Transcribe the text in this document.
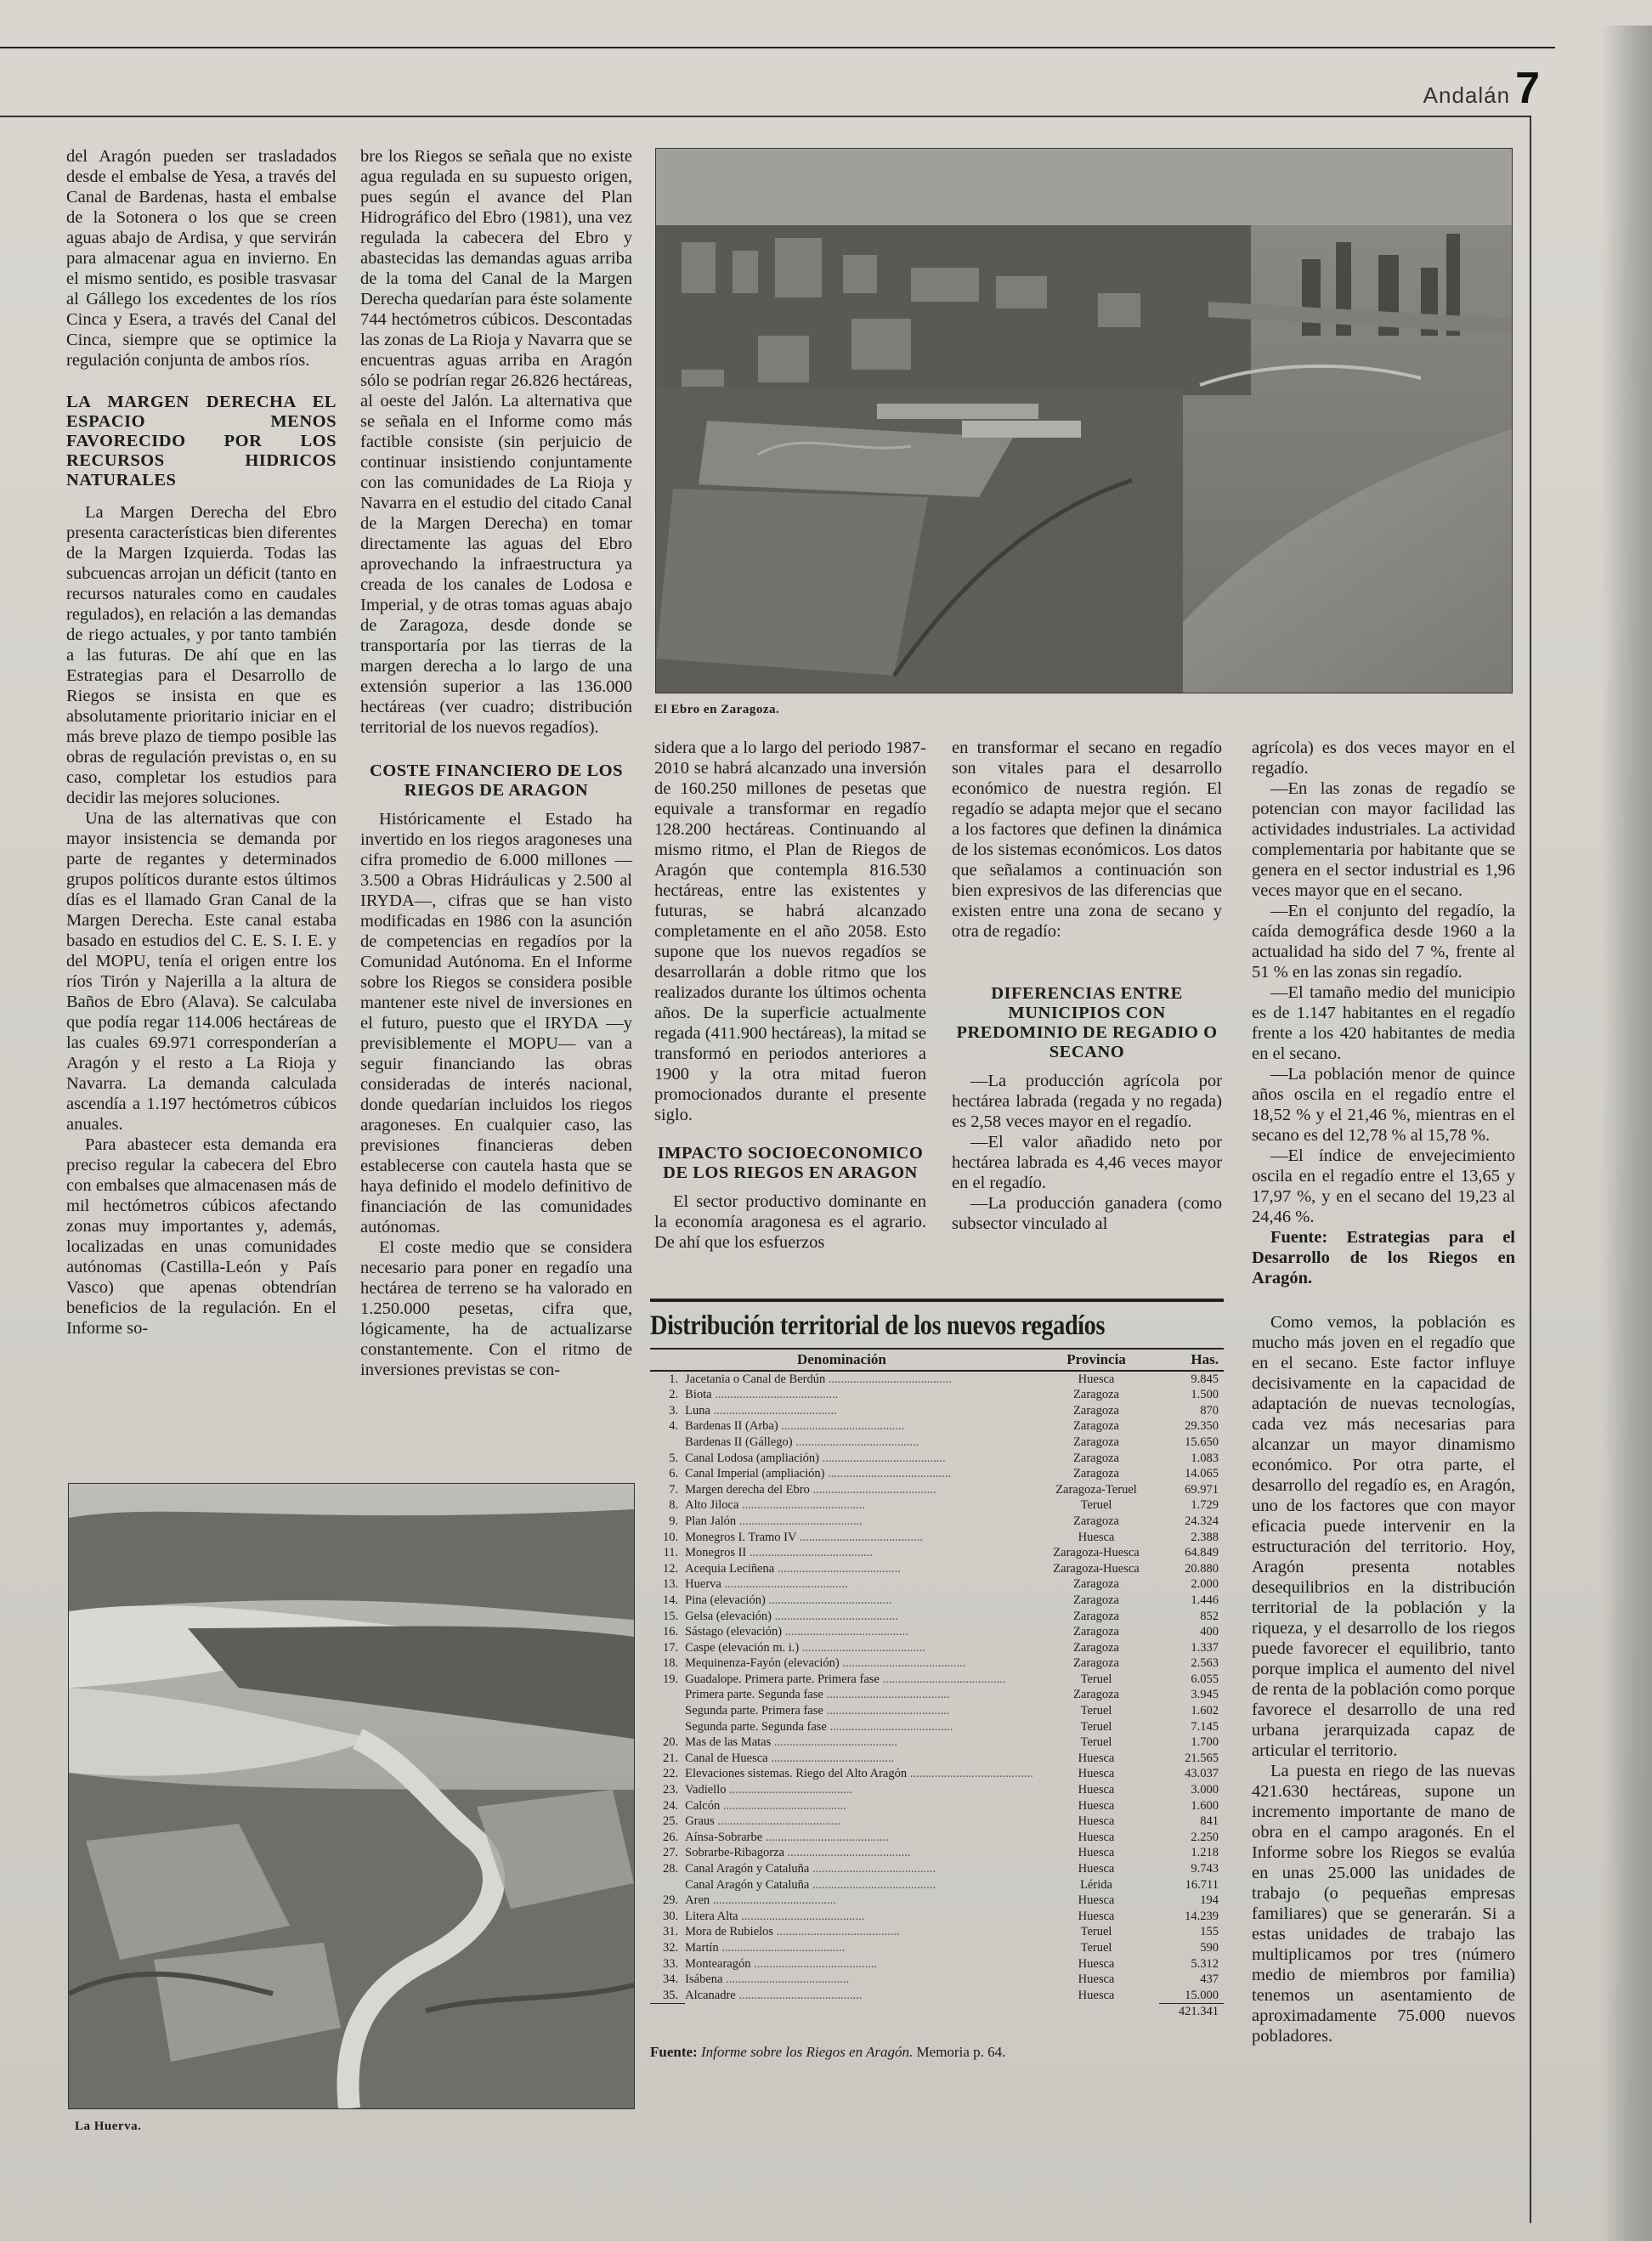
Andalán 7

del Aragón pueden ser trasladados desde el embalse de Yesa, a través del Canal de Bardenas, hasta el embalse de la Sotonera o los que se creen aguas abajo de Ardisa, y que servirán para almacenar agua en invierno. En el mismo sentido, es posible trasvasar al Gállego los excedentes de los ríos Cinca y Esera, a través del Canal del Cinca, siempre que se optimice la regulación conjunta de ambos ríos.

LA MARGEN DERECHA EL ESPACIO MENOS FAVORECIDO POR LOS RECURSOS HIDRICOS NATURALES

La Margen Derecha del Ebro presenta características bien diferentes de la Margen Izquierda. Todas las subcuencas arrojan un déficit (tanto en recursos naturales como en caudales regulados), en relación a las demandas de riego actuales, y por tanto también a las futuras. De ahí que en las Estrategias para el Desarrollo de Riegos se insista en que es absolutamente prioritario iniciar en el más breve plazo de tiempo posible las obras de regulación previstas o, en su caso, completar los estudios para decidir las mejores soluciones.

Una de las alternativas que con mayor insistencia se demanda por parte de regantes y determinados grupos políticos durante estos últimos días es el llamado Gran Canal de la Margen Derecha. Este canal estaba basado en estudios del C. E. S. I. E. y del MOPU, tenía el origen entre los ríos Tirón y Najerilla a la altura de Baños de Ebro (Alava). Se calculaba que podía regar 114.006 hectáreas de las cuales 69.971 corresponderían a Aragón y el resto a La Rioja y Navarra. La demanda calculada ascendía a 1.197 hectómetros cúbicos anuales.

Para abastecer esta demanda era preciso regular la cabecera del Ebro con embalses que almacenasen más de mil hectómetros cúbicos afectando zonas muy importantes y, además, localizadas en unas comunidades autónomas (Castilla-León y País Vasco) que apenas obtendrían beneficios de la regulación. En el Informe so-

bre los Riegos se señala que no existe agua regulada en su supuesto origen, pues según el avance del Plan Hidrográfico del Ebro (1981), una vez regulada la cabecera del Ebro y abastecidas las demandas aguas arriba de la toma del Canal de la Margen Derecha quedarían para éste solamente 744 hectómetros cúbicos. Descontadas las zonas de La Rioja y Navarra que se encuentras aguas arriba en Aragón sólo se podrían regar 26.826 hectáreas, al oeste del Jalón. La alternativa que se señala en el Informe como más factible consiste (sin perjuicio de continuar insistiendo conjuntamente con las comunidades de La Rioja y Navarra en el estudio del citado Canal de la Margen Derecha) en tomar directamente las aguas del Ebro aprovechando la infraestructura ya creada de los canales de Lodosa e Imperial, y de otras tomas aguas abajo de Zaragoza, desde donde se transportaría por las tierras de la margen derecha a lo largo de una extensión superior a las 136.000 hectáreas (ver cuadro; distribución territorial de los nuevos regadíos).

COSTE FINANCIERO DE LOS RIEGOS DE ARAGON

Históricamente el Estado ha invertido en los riegos aragoneses una cifra promedio de 6.000 millones —3.500 a Obras Hidráulicas y 2.500 al IRYDA—, cifras que se han visto modificadas en 1986 con la asunción de competencias en regadíos por la Comunidad Autónoma. En el Informe sobre los Riegos se considera posible mantener este nivel de inversiones en el futuro, puesto que el IRYDA —y previsiblemente el MOPU— van a seguir financiando las obras consideradas de interés nacional, donde quedarían incluidos los riegos aragoneses. En cualquier caso, las previsiones financieras deben establecerse con cautela hasta que se haya definido el modelo definitivo de financiación de las comunidades autónomas.

El coste medio que se considera necesario para poner en regadío una hectárea de terreno se ha valorado en 1.250.000 pesetas, cifra que, lógicamente, ha de actualizarse constantemente. Con el ritmo de inversiones previstas se con-

El Ebro en Zaragoza.

sidera que a lo largo del periodo 1987-2010 se habrá alcanzado una inversión de 160.250 millones de pesetas que equivale a transformar en regadío 128.200 hectáreas. Continuando al mismo ritmo, el Plan de Riegos de Aragón que contempla 816.530 hectáreas, entre las existentes y futuras, se habrá alcanzado completamente en el año 2058. Esto supone que los nuevos regadíos se desarrollarán a doble ritmo que los realizados durante los últimos ochenta años. De la superficie actualmente regada (411.900 hectáreas), la mitad se transformó en periodos anteriores a 1900 y la otra mitad fueron promocionados durante el presente siglo.

IMPACTO SOCIOECONOMICO DE LOS RIEGOS EN ARAGON

El sector productivo dominante en la economía aragonesa es el agrario. De ahí que los esfuerzos

en transformar el secano en regadío son vitales para el desarrollo económico de nuestra región. El regadío se adapta mejor que el secano a los factores que definen la dinámica de los sistemas económicos. Los datos que señalamos a continuación son bien expresivos de las diferencias que existen entre una zona de secano y otra de regadío:

DIFERENCIAS ENTRE MUNICIPIOS CON PREDOMINIO DE REGADIO O SECANO

—La producción agrícola por hectárea labrada (regada y no regada) es 2,58 veces mayor en el regadío.

—El valor añadido neto por hectárea labrada es 4,46 veces mayor en el regadío.

—La producción ganadera (como subsector vinculado al

agrícola) es dos veces mayor en el regadío.

—En las zonas de regadío se potencian con mayor facilidad las actividades industriales. La actividad complementaria por habitante que se genera en el sector industrial es 1,96 veces mayor que en el secano.

—En el conjunto del regadío, la caída demográfica desde 1960 a la actualidad ha sido del 7 %, frente al 51 % en las zonas sin regadío.

—El tamaño medio del municipio es de 1.147 habitantes en el regadío frente a los 420 habitantes de media en el secano.

—La población menor de quince años oscila en el regadío entre el 18,52 % y el 21,46 %, mientras en el secano es del 12,78 % al 15,78 %.

—El índice de envejecimiento oscila en el regadío entre el 13,65 y 17,97 %, y en el secano del 19,23 al 24,46 %.

Fuente: Estrategias para el Desarrollo de los Riegos en Aragón.

Como vemos, la población es mucho más joven en el regadío que en el secano. Este factor influye decisivamente en la capacidad de adaptación de nuevas tecnologías, cada vez más necesarias para alcanzar un mayor dinamismo económico. Por otra parte, el desarrollo del regadío es, en Aragón, uno de los factores que con mayor eficacia puede intervenir en la estructuración del territorio. Hoy, Aragón presenta notables desequilibrios en la distribución territorial de la población y la riqueza, y el desarrollo de los riegos puede favorecer el equilibrio, tanto porque implica el aumento del nivel de renta de la población como porque favorece el desarrollo de una red urbana jerarquizada capaz de articular el territorio.

La puesta en riego de las nuevas 421.630 hectáreas, supone un incremento importante de mano de obra en el campo aragonés. En el Informe sobre los Riegos se evalúa en unas 25.000 las unidades de trabajo (o pequeñas empresas familiares) que se generarán. Si a estas unidades de trabajo las multiplicamos por tres (número medio de miembros por familia) tenemos un asentamiento de aproximadamente 75.000 nuevos pobladores.

La Huerva.
Distribución territorial de los nuevos regadíos
Denominación		Provincia	Has.
1.	Jacetania o Canal de Berdún ........................................	Huesca	9.845
2.	Biota ........................................	Zaragoza	1.500
3.	Luna ........................................	Zaragoza	870
4.	Bardenas II (Arba) ........................................	Zaragoza	29.350
	Bardenas II (Gállego) ........................................	Zaragoza	15.650
5.	Canal Lodosa (ampliación) ........................................	Zaragoza	1.083
6.	Canal Imperial (ampliación) ........................................	Zaragoza	14.065
7.	Margen derecha del Ebro ........................................	Zaragoza-Teruel	69.971
8.	Alto Jiloca ........................................	Teruel	1.729
9.	Plan Jalón ........................................	Zaragoza	24.324
10.	Monegros I. Tramo IV ........................................	Huesca	2.388
11.	Monegros II ........................................	Zaragoza-Huesca	64.849
12.	Acequia Leciñena ........................................	Zaragoza-Huesca	20.880
13.	Huerva ........................................	Zaragoza	2.000
14.	Pina (elevación) ........................................	Zaragoza	1.446
15.	Gelsa (elevación) ........................................	Zaragoza	852
16.	Sástago (elevación) ........................................	Zaragoza	400
17.	Caspe (elevación m. i.) ........................................	Zaragoza	1.337
18.	Mequinenza-Fayón (elevación) ........................................	Zaragoza	2.563
19.	Guadalope. Primera parte. Primera fase ........................................	Teruel	6.055
	Primera parte. Segunda fase ........................................	Zaragoza	3.945
	Segunda parte. Primera fase ........................................	Teruel	1.602
	Segunda parte. Segunda fase ........................................	Teruel	7.145
20.	Mas de las Matas ........................................	Teruel	1.700
21.	Canal de Huesca ........................................	Huesca	21.565
22.	Elevaciones sistemas. Riego del Alto Aragón ........................................	Huesca	43.037
23.	Vadiello ........................................	Huesca	3.000
24.	Calcón ........................................	Huesca	1.600
25.	Graus ........................................	Huesca	841
26.	Aínsa-Sobrarbe ........................................	Huesca	2.250
27.	Sobrarbe-Ribagorza ........................................	Huesca	1.218
28.	Canal Aragón y Cataluña ........................................	Huesca	9.743
	Canal Aragón y Cataluña ........................................	Lérida	16.711
29.	Aren ........................................	Huesca	194
30.	Litera Alta ........................................	Huesca	14.239
31.	Mora de Rubielos ........................................	Teruel	155
32.	Martín ........................................	Teruel	590
33.	Montearagón ........................................	Huesca	5.312
34.	Isábena ........................................	Huesca	437
35.	Alcanadre ........................................	Huesca	15.000
			421.341
Fuente: Informe sobre los Riegos en Aragón. Memoria p. 64.
